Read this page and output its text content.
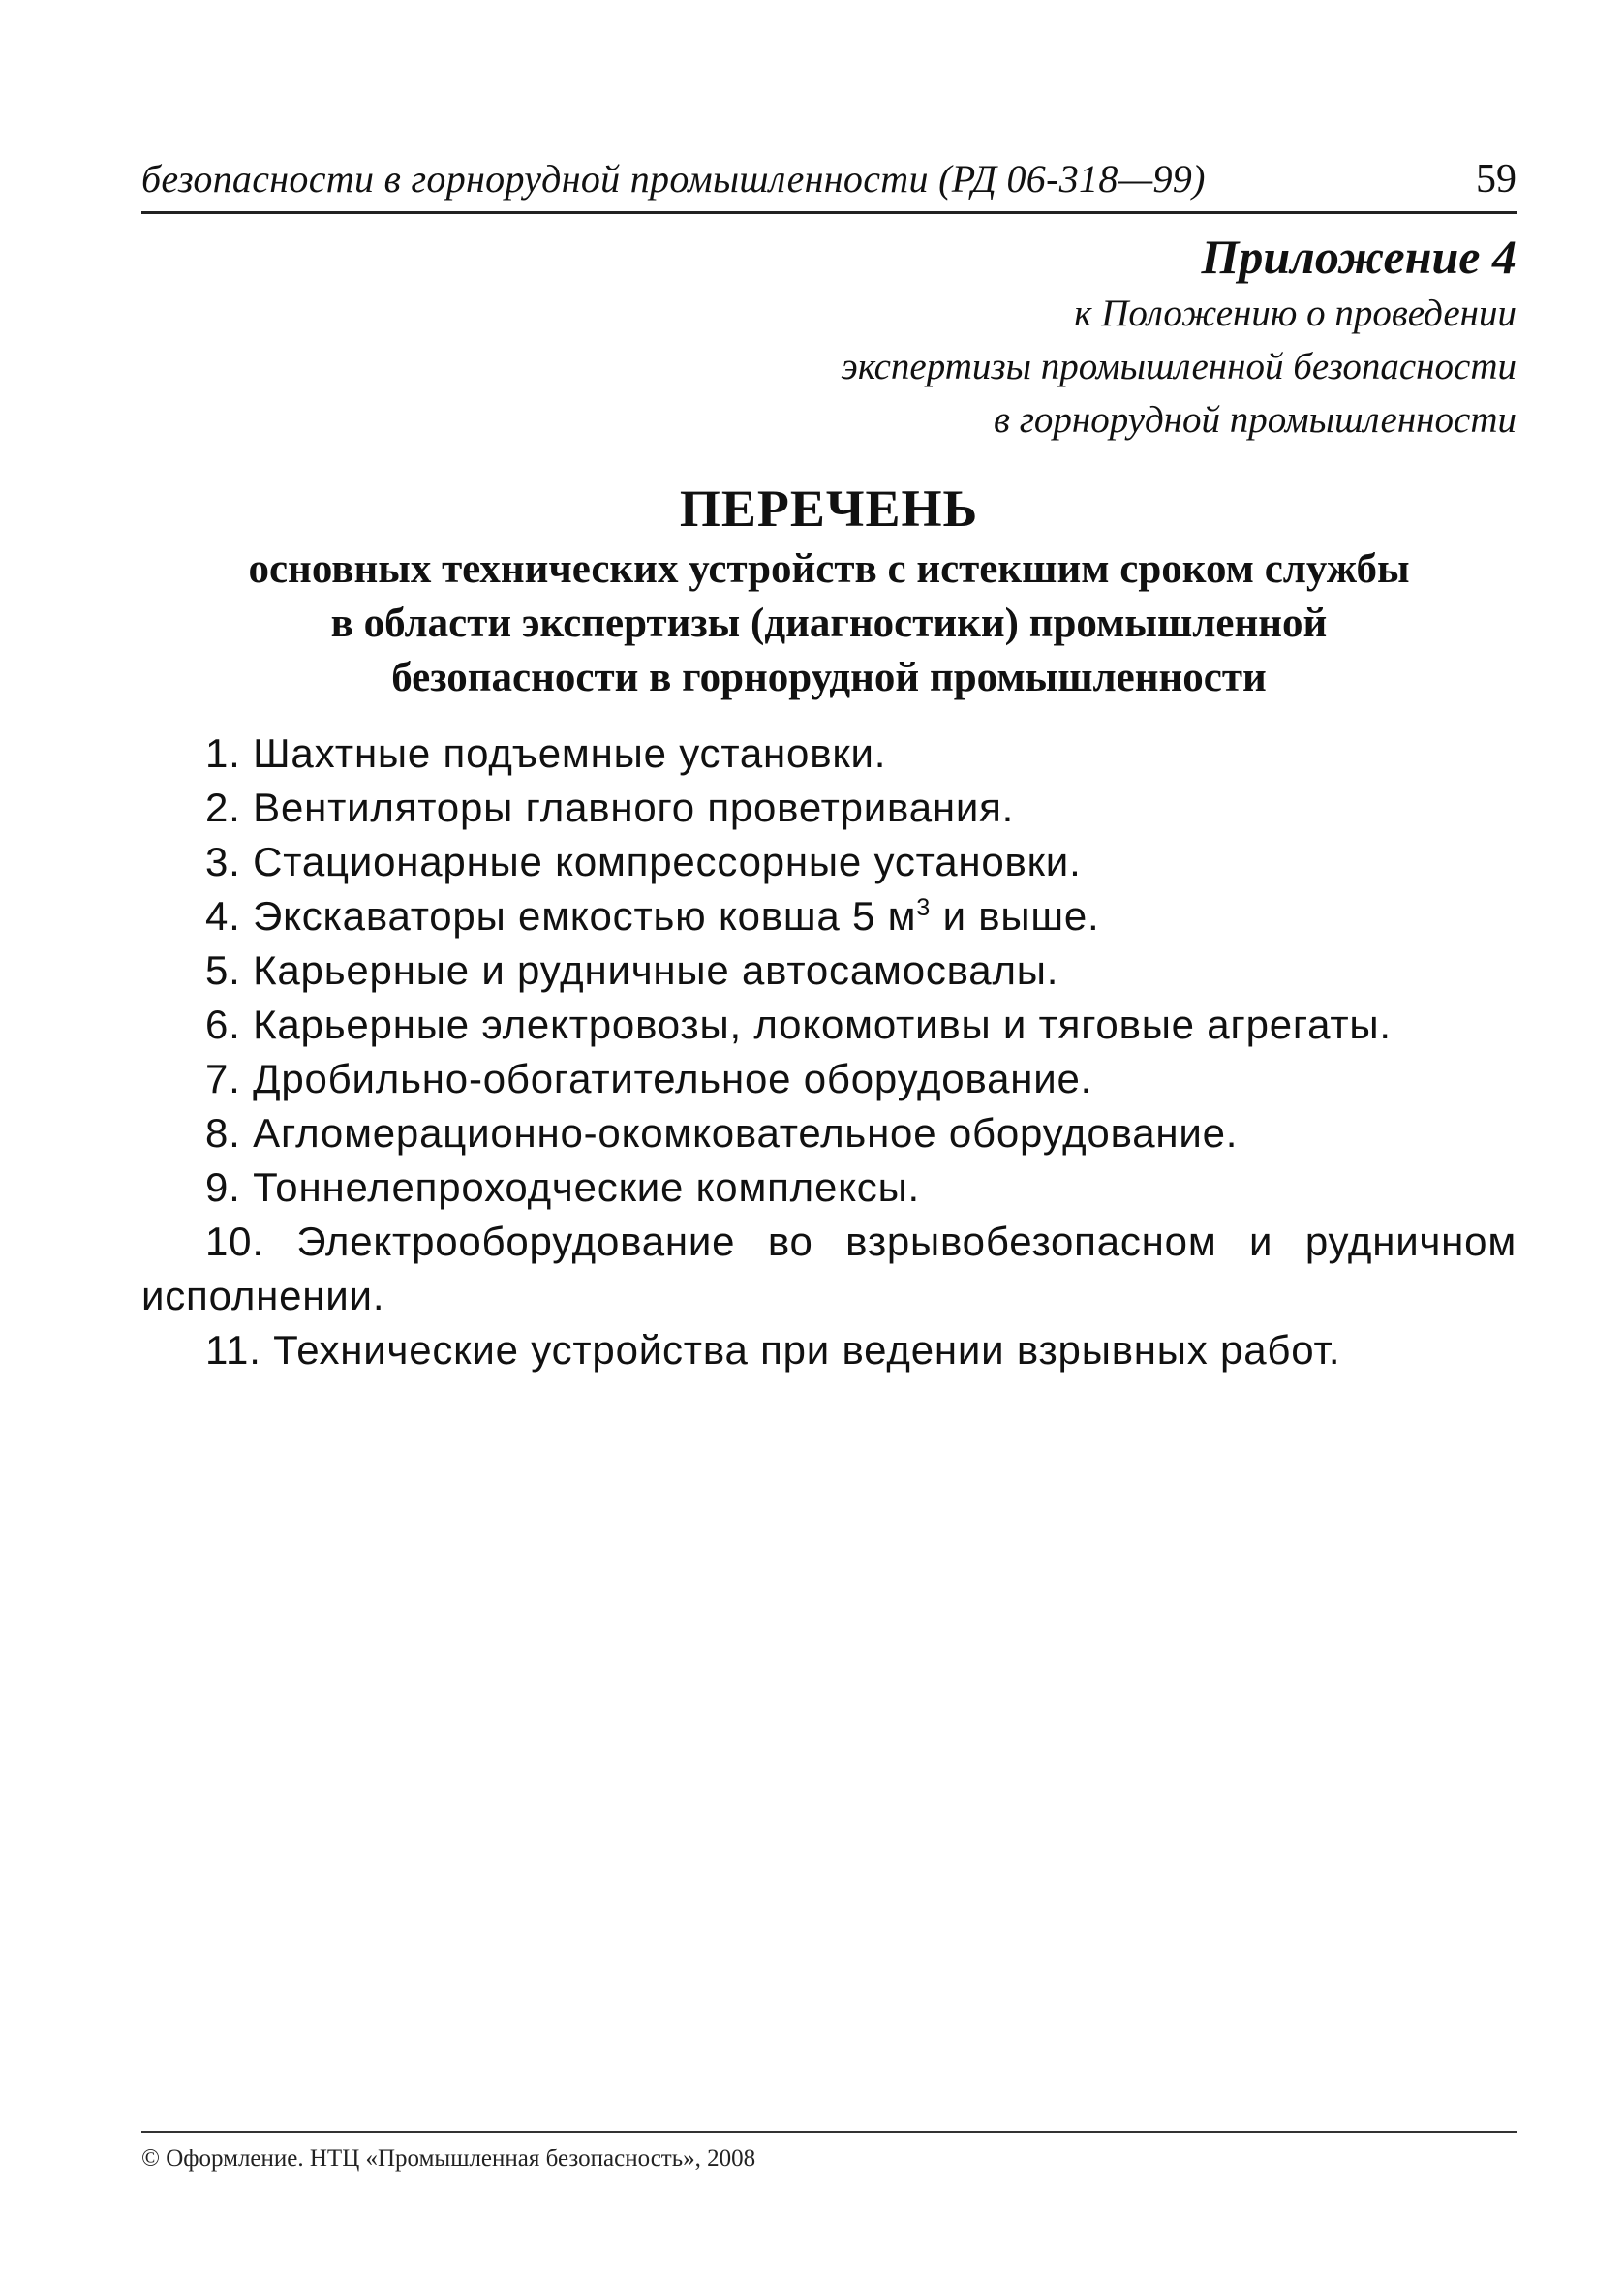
безопасности в горнорудной промышленности (РД 06-318—99)	59
Приложение 4
к Положению о проведении
экспертизы промышленной безопасности
в горнорудной промышленности
ПЕРЕЧЕНЬ
основных технических устройств с истекшим сроком службы
в области экспертизы (диагностики) промышленной
безопасности в горнорудной промышленности
1. Шахтные подъемные установки.
2. Вентиляторы главного проветривания.
3. Стационарные компрессорные установки.
4. Экскаваторы емкостью ковша 5 $м^3$ и выше.
5. Карьерные и рудничные автосамосвалы.
6. Карьерные электровозы, локомотивы и тяговые агрегаты.
7. Дробильно-обогатительное оборудование.
8. Агломерационно-окомковательное оборудование.
9. Тоннелепроходческие комплексы.
10. Электрооборудование во взрывобезопасном и рудничном исполнении.
11. Технические устройства при ведении взрывных работ.
© Оформление. НТЦ «Промышленная безопасность», 2008
